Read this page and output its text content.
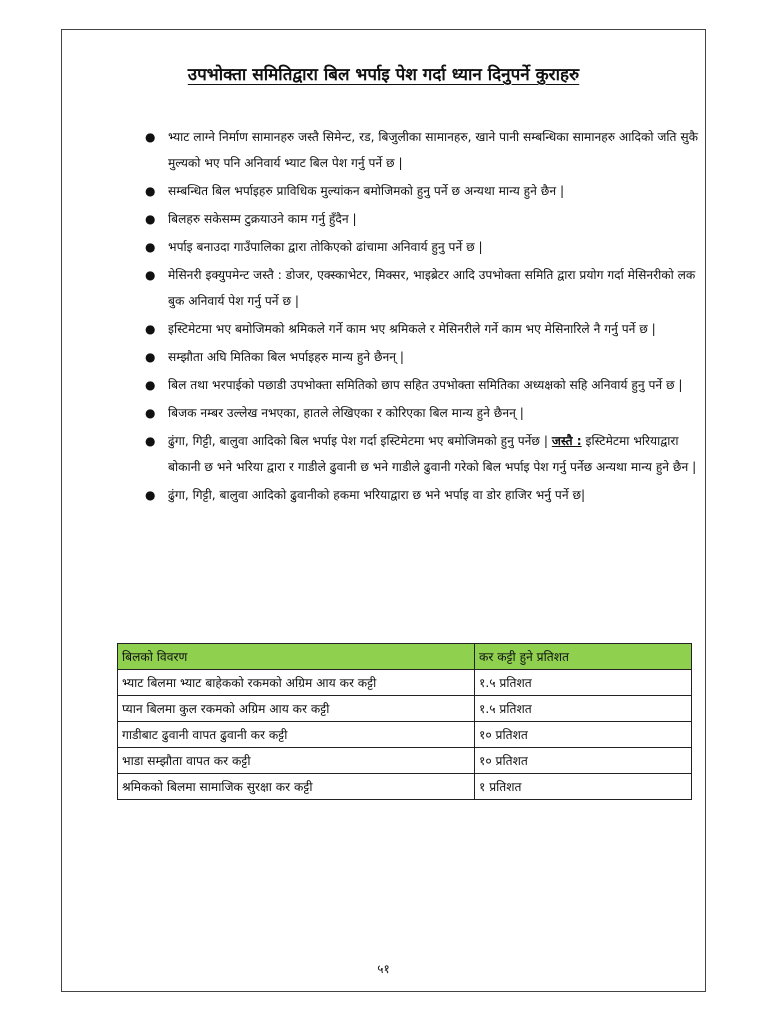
उपभोक्ता समितिद्वारा बिल भर्पाइ पेश गर्दा ध्यान दिनुपर्ने कुराहरु
● भ्याट लाग्ने निर्माण सामानहरु जस्तै सिमेन्ट, रड, बिजुलीका सामानहरु, खाने पानी सम्बन्धिका सामानहरु आदिको जति सुकै मुल्यको भए पनि अनिवार्य भ्याट बिल पेश गर्नु पर्ने छ |
● सम्बन्धित बिल भर्पाइहरु प्राविधिक मुल्यांकन बमोजिमको हुनु पर्ने छ अन्यथा मान्य हुने छैन |
● बिलहरु सकेसम्म टुक्रयाउने काम गर्नु हुँदैन |
● भर्पाइ बनाउदा गाउँपालिका द्वारा तोकिएको ढांचामा अनिवार्य हुनु पर्ने छ |
● मेसिनरी इक्युपमेन्ट जस्तै : डोजर, एक्स्काभेटर, मिक्सर, भाइब्रेटर आदि उपभोक्ता समिति द्वारा प्रयोग गर्दा मेसिनरीको लक बुक अनिवार्य पेश गर्नु पर्ने छ |
● इस्टिमेटमा भए बमोजिमको श्रमिकले गर्ने काम भए श्रमिकले र मेसिनरीले गर्ने काम भए मेसिनारिले नै गर्नु पर्ने छ |
● सम्झौता अघि मितिका बिल भर्पाइहरु मान्य हुने छैनन् |
● बिल तथा भरपाईको पछाडी उपभोक्ता समितिको छाप सहित उपभोक्ता समितिका अध्यक्षको सहि अनिवार्य हुनु पर्ने छ |
● बिजक नम्बर उल्लेख नभएका, हातले लेखिएका र कोरिएका बिल मान्य हुने छैनन् |
● ढुंगा, गिट्टी, बालुवा आदिको बिल भर्पाइ पेश गर्दा इस्टिमेटमा भए बमोजिमको हुनु पर्नेछ | जस्तै : इस्टिमेटमा भरियाद्वारा बोकानी छ भने भरिया द्वारा र गाडीले ढुवानी छ भने गाडीले ढुवानी गरेको बिल भर्पाइ पेश गर्नु पर्नेछ अन्यथा मान्य हुने छैन |
● ढुंगा, गिट्टी, बालुवा आदिको ढुवानीको हकमा भरियाद्वारा छ भने भर्पाइ वा डोर हाजिर भर्नु पर्ने छ|
बिलको विवरण	कर कट्टी हुने प्रतिशत
भ्याट बिलमा भ्याट बाहेकको रकमको अग्रिम आय कर कट्टी	१.५ प्रतिशत
प्यान बिलमा कुल रकमको अग्रिम आय कर कट्टी	१.५ प्रतिशत
गाडीबाट ढुवानी वापत ढुवानी कर कट्टी	१० प्रतिशत
भाडा सम्झौता वापत कर कट्टी	१० प्रतिशत
श्रमिकको बिलमा सामाजिक सुरक्षा कर कट्टी	१ प्रतिशत
५१
